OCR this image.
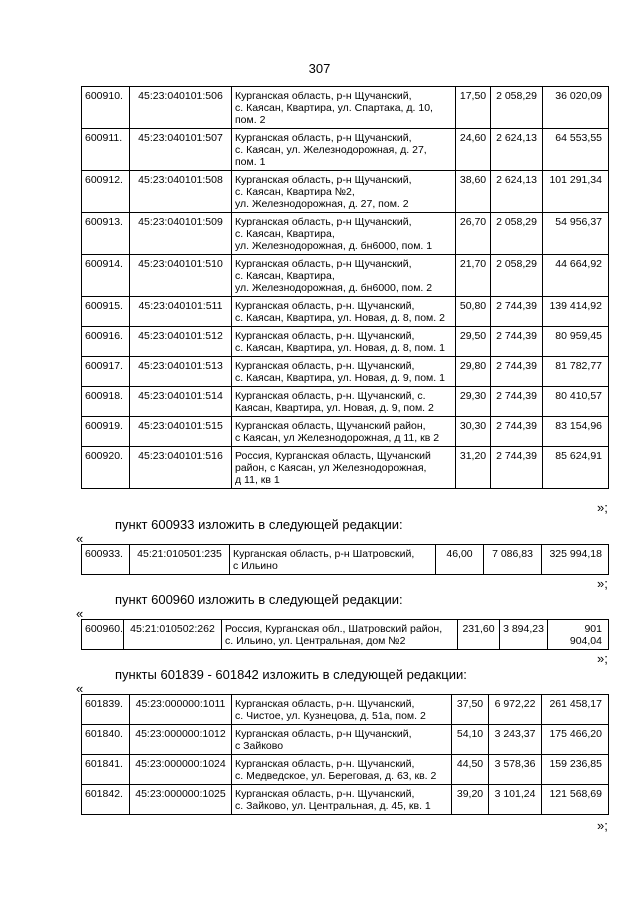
307
600910.	45:23:040101:506	Курганская область, р-н Щучанский,
с. Каясан, Квартира, ул. Спартака, д. 10,
пом. 2	17,50	2 058,29	36 020,09
600911.	45:23:040101:507	Курганская область, р-н Щучанский,
с. Каясан, ул. Железнодорожная, д. 27,
пом. 1	24,60	2 624,13	64 553,55
600912.	45:23:040101:508	Курганская область, р-н Щучанский,
с. Каясан, Квартира №2,
ул. Железнодорожная, д. 27, пом. 2	38,60	2 624,13	101 291,34
600913.	45:23:040101:509	Курганская область, р-н Щучанский,
с. Каясан, Квартира,
ул. Железнодорожная, д. бн6000, пом. 1	26,70	2 058,29	54 956,37
600914.	45:23:040101:510	Курганская область, р-н Щучанский,
с. Каясан, Квартира,
ул. Железнодорожная, д. бн6000, пом. 2	21,70	2 058,29	44 664,92
600915.	45:23:040101:511	Курганская область, р-н. Щучанский,
с. Каясан, Квартира, ул. Новая, д. 8, пом. 2	50,80	2 744,39	139 414,92
600916.	45:23:040101:512	Курганская область, р-н. Щучанский,
с. Каясан, Квартира, ул. Новая, д. 8, пом. 1	29,50	2 744,39	80 959,45
600917.	45:23:040101:513	Курганская область, р-н. Щучанский,
с. Каясан, Квартира, ул. Новая, д. 9, пом. 1	29,80	2 744,39	81 782,77
600918.	45:23:040101:514	Курганская область, р-н. Щучанский, с.
Каясан, Квартира, ул. Новая, д. 9, пом. 2	29,30	2 744,39	80 410,57
600919.	45:23:040101:515	Курганская область, Щучанский район,
с Каясан, ул Железнодорожная, д 11, кв 2	30,30	2 744,39	83 154,96
600920.	45:23:040101:516	Россия, Курганская область, Щучанский
район, с Каясан, ул Железнодорожная,
д 11, кв 1	31,20	2 744,39	85 624,91
»;
пункт 600933 изложить в следующей редакции:
«
600933.	45:21:010501:235	Курганская область, р-н Шатровский,
с Ильино	46,00	7 086,83	325 994,18
»;
пункт 600960 изложить в следующей редакции:
«
600960.	45:21:010502:262	Россия, Курганская обл., Шатровский район,
с. Ильино, ул. Центральная, дом №2	231,60	3 894,23	901 904,04
»;
пункты 601839 - 601842 изложить в следующей редакции:
«
601839.	45:23:000000:1011	Курганская область, р-н. Щучанский,
с. Чистое, ул. Кузнецова, д. 51а, пом. 2	37,50	6 972,22	261 458,17
601840.	45:23:000000:1012	Курганская область, р-н Щучанский,
с Зайково	54,10	3 243,37	175 466,20
601841.	45:23:000000:1024	Курганская область, р-н. Щучанский,
с. Медведское, ул. Береговая, д. 63, кв. 2	44,50	3 578,36	159 236,85
601842.	45:23:000000:1025	Курганская область, р-н. Щучанский,
с. Зайково, ул. Центральная, д. 45, кв. 1	39,20	3 101,24	121 568,69
»;
